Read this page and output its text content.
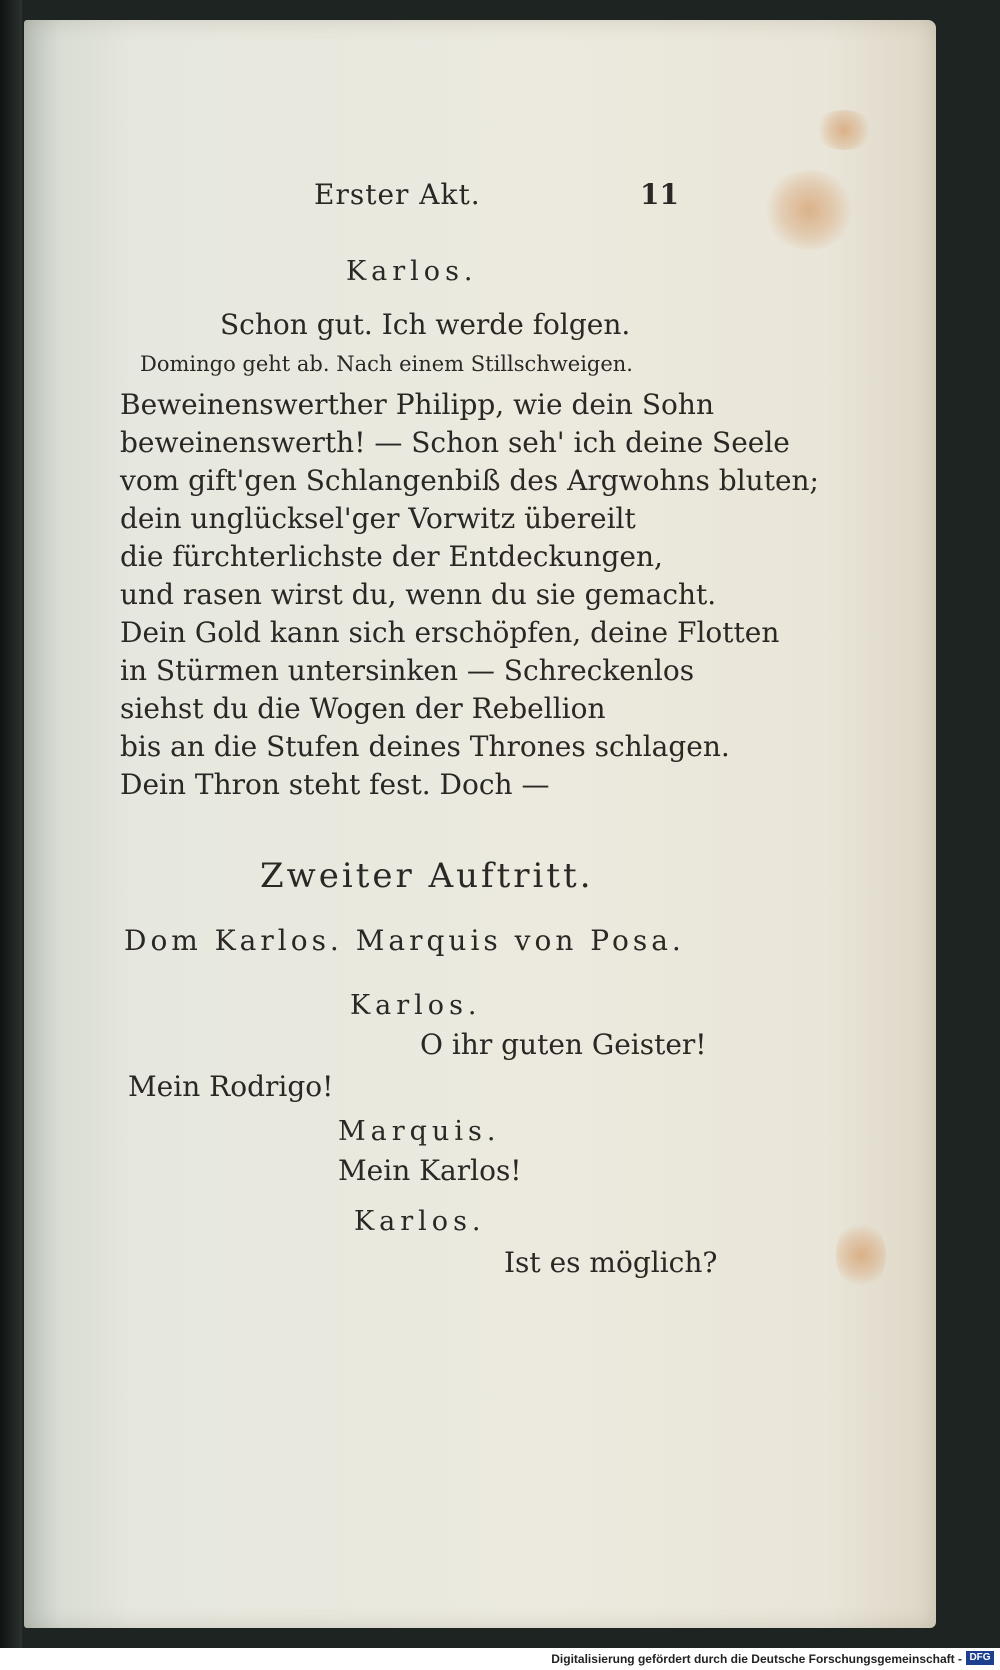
Erster Akt.	11
Karlos.
Schon gut. Ich werde folgen.
Domingo geht ab. Nach einem Stillschweigen.
Beweinenswerther Philipp, wie dein Sohn
beweinenswerth! — Schon seh' ich deine Seele
vom gift'gen Schlangenbiß des Argwohns bluten;
dein unglücksel'ger Vorwitz übereilt
die fürchterlichste der Entdeckungen,
und rasen wirst du, wenn du sie gemacht.
Dein Gold kann sich erschöpfen, deine Flotten
in Stürmen untersinken — Schreckenlos
siehst du die Wogen der Rebellion
bis an die Stufen deines Thrones schlagen.
Dein Thron steht fest. Doch —
Zweiter Auftritt.
Dom Karlos. Marquis von Posa.
Karlos.
O ihr guten Geister!
Mein Rodrigo!
Marquis.
Mein Karlos!
Karlos.
Ist es möglich?
Digitalisierung gefördert durch die Deutsche Forschungsgemeinschaft - DFG
